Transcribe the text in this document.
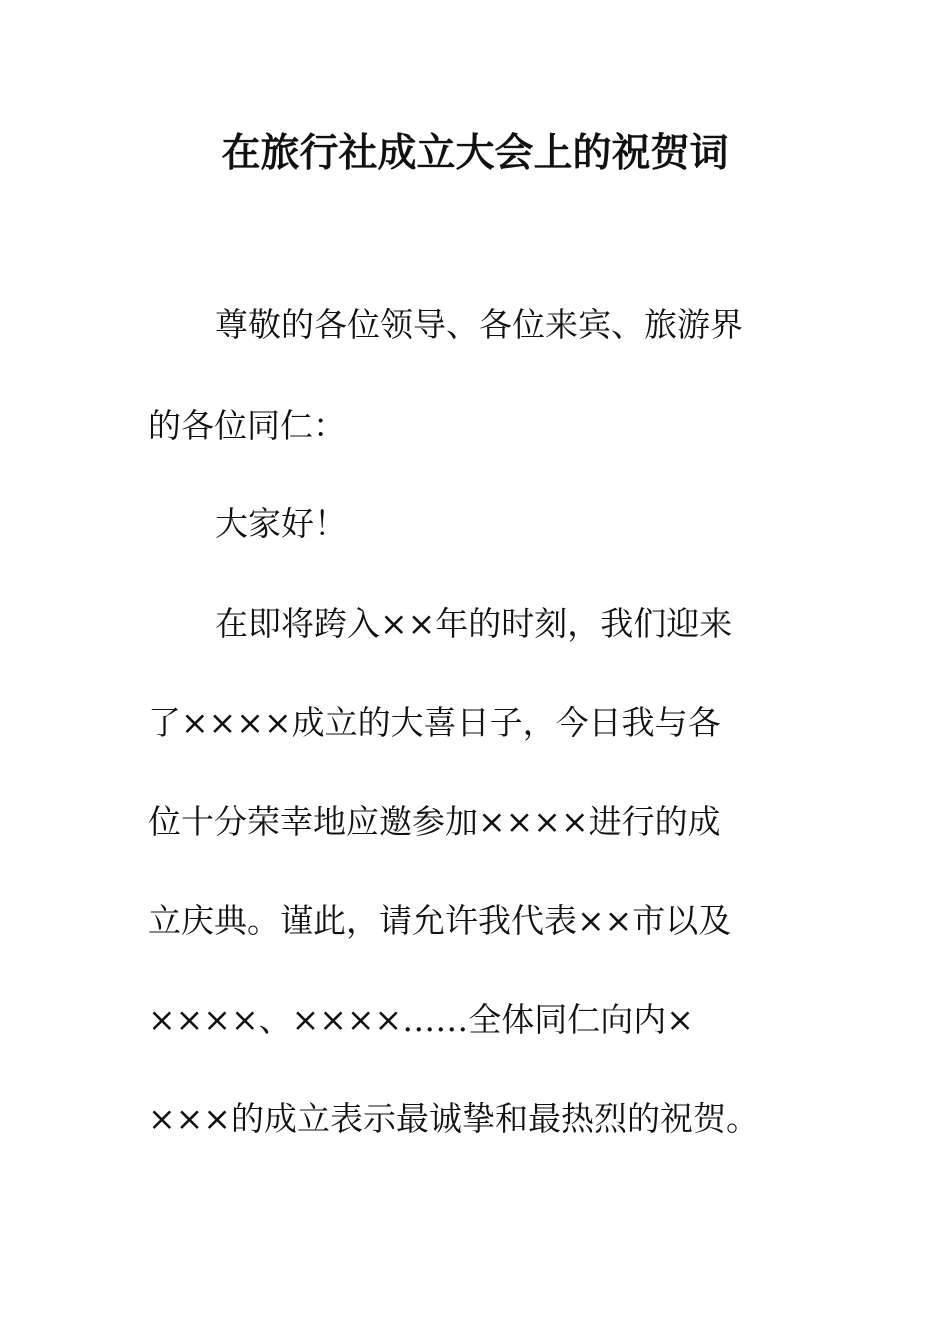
在旅行社成立大会上的祝贺词

尊敬的各位领导、各位来宾、旅游界

的各位同仁：

大家好！

在即将跨入××年的时刻，我们迎来

了××××成立的大喜日子，今日我与各

位十分荣幸地应邀参加××××进行的成

立庆典。谨此，请允许我代表××市以及

××××、××××……全体同仁向内×

×××的成立表示最诚挚和最热烈的祝贺。
